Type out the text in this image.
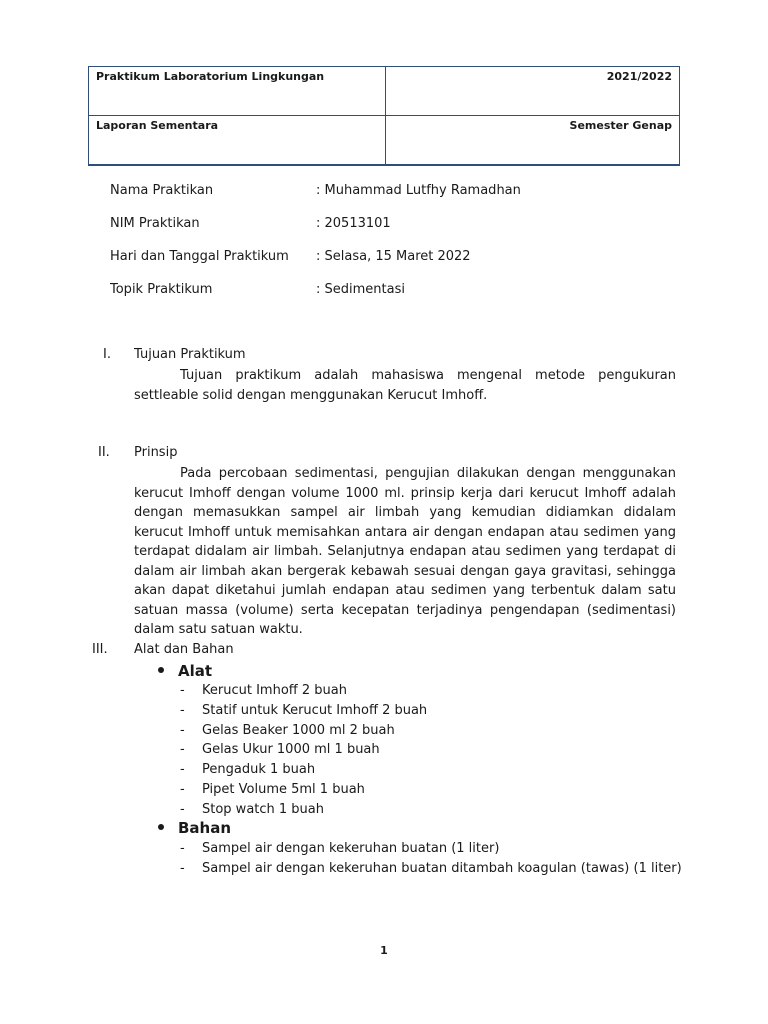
Praktikum Laboratorium Lingkungan	2021/2022
Laporan Sementara	Semester Genap
Nama Praktikan	: Muhammad Lutfhy Ramadhan
NIM Praktikan	: 20513101
Hari dan Tanggal Praktikum : Selasa, 15 Maret 2022
Topik Praktikum	: Sedimentasi
I. Tujuan Praktikum

Tujuan praktikum adalah mahasiswa mengenal metode pengukuran settleable solid dengan menggunakan Kerucut Imhoff.

II. Prinsip

Pada percobaan sedimentasi, pengujian dilakukan dengan menggunakan kerucut Imhoff dengan volume 1000 ml. prinsip kerja dari kerucut Imhoff adalah dengan memasukkan sampel air limbah yang kemudian didiamkan didalam kerucut Imhoff untuk memisahkan antara air dengan endapan atau sedimen yang terdapat didalam air limbah. Selanjutnya endapan atau sedimen yang terdapat di dalam air limbah akan bergerak kebawah sesuai dengan gaya gravitasi, sehingga akan dapat diketahui jumlah endapan atau sedimen yang terbentuk dalam satu satuan massa (volume) serta kecepatan terjadinya pengendapan (sedimentasi) dalam satu satuan waktu.

III. Alat dan Bahan
Alat
- Kerucut Imhoff 2 buah
- Statif untuk Kerucut Imhoff 2 buah
- Gelas Beaker 1000 ml 2 buah
- Gelas Ukur 1000 ml 1 buah
- Pengaduk 1 buah
- Pipet Volume 5ml 1 buah
- Stop watch 1 buah
Bahan
- Sampel air dengan kekeruhan buatan (1 liter)
- Sampel air dengan kekeruhan buatan ditambah koagulan (tawas) (1 liter)
1
